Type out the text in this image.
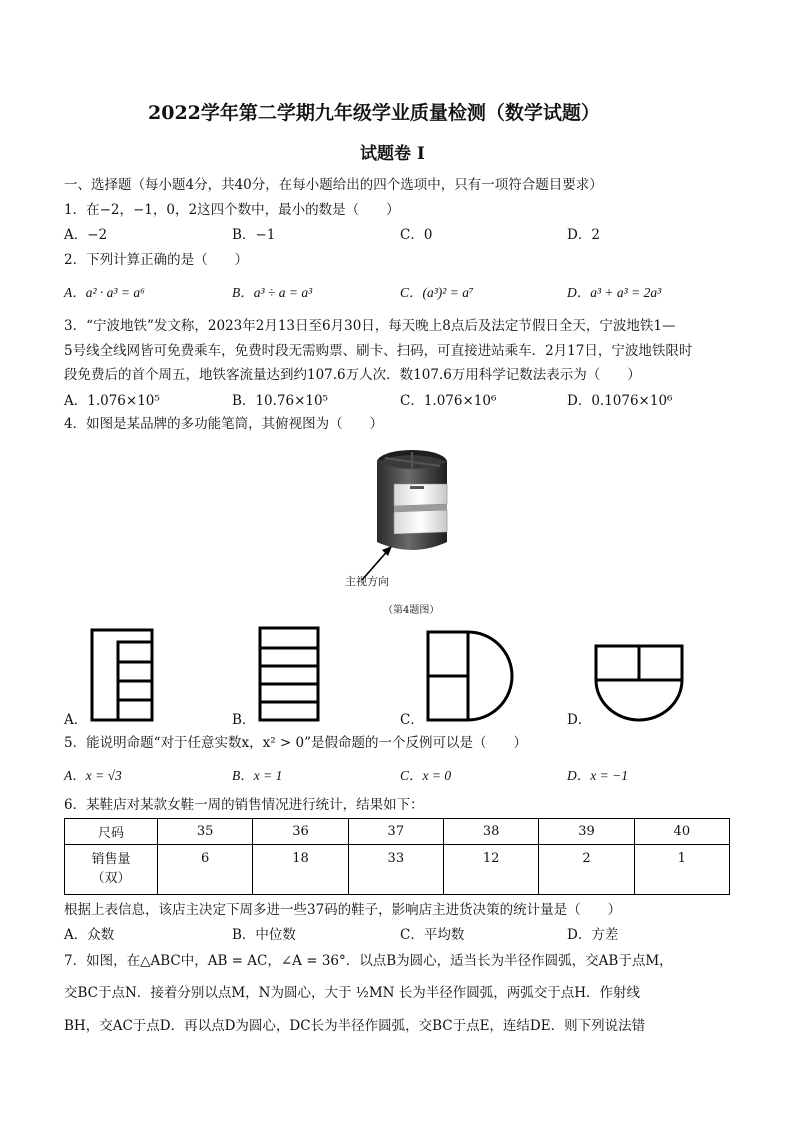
2022学年第二学期九年级学业质量检测（数学试题）
试题卷 I
一、选择题（每小题4分，共40分，在每小题给出的四个选项中，只有一项符合题目要求）
1．在−2，−1，0，2这四个数中，最小的数是（　　）
A．−2	B．−1	C．0	D．2
2．下列计算正确的是（　　）
A．a² · a³ = a⁶	B．a³ ÷ a = a³	C．(a³)² = a⁷	D．a³ + a³ = 2a³
3．“宁波地铁”发文称，2023年2月13日至6月30日，每天晚上8点后及法定节假日全天，宁波地铁1—
5号线全线网皆可免费乘车，免费时段无需购票、刷卡、扫码，可直接进站乘车．2月17日，宁波地铁限时
段免费后的首个周五，地铁客流量达到约107.6万人次．数107.6万用科学记数法表示为（　　）
A．1.076×10⁵	B．10.76×10⁵	C．1.076×10⁶	D．0.1076×10⁶
4．如图是某品牌的多功能笔筒，其俯视图为（　　）
主视方向
（第4题图）
A．	B．	C．	D．
5．能说明命题“对于任意实数x，x² > 0”是假命题的一个反例可以是（　　）
A．x = √3	B．x = 1	C．x = 0	D．x = −1
6．某鞋店对某款女鞋一周的销售情况进行统计，结果如下：
尺码	35	36	37	38	39	40

销售量
（双）	6	18	33	12	2	1
根据上表信息，该店主决定下周多进一些37码的鞋子，影响店主进货决策的统计量是（　　）
A．众数	B．中位数	C．平均数	D．方差
7．如图，在△ABC中，AB = AC，∠A = 36°．以点B为圆心，适当长为半径作圆弧，交AB于点M，
交BC于点N．接着分别以点M，N为圆心，大于 ½MN 长为半径作圆弧，两弧交于点H．作射线
BH，交AC于点D．再以点D为圆心，DC长为半径作圆弧，交BC于点E，连结DE．则下列说法错
